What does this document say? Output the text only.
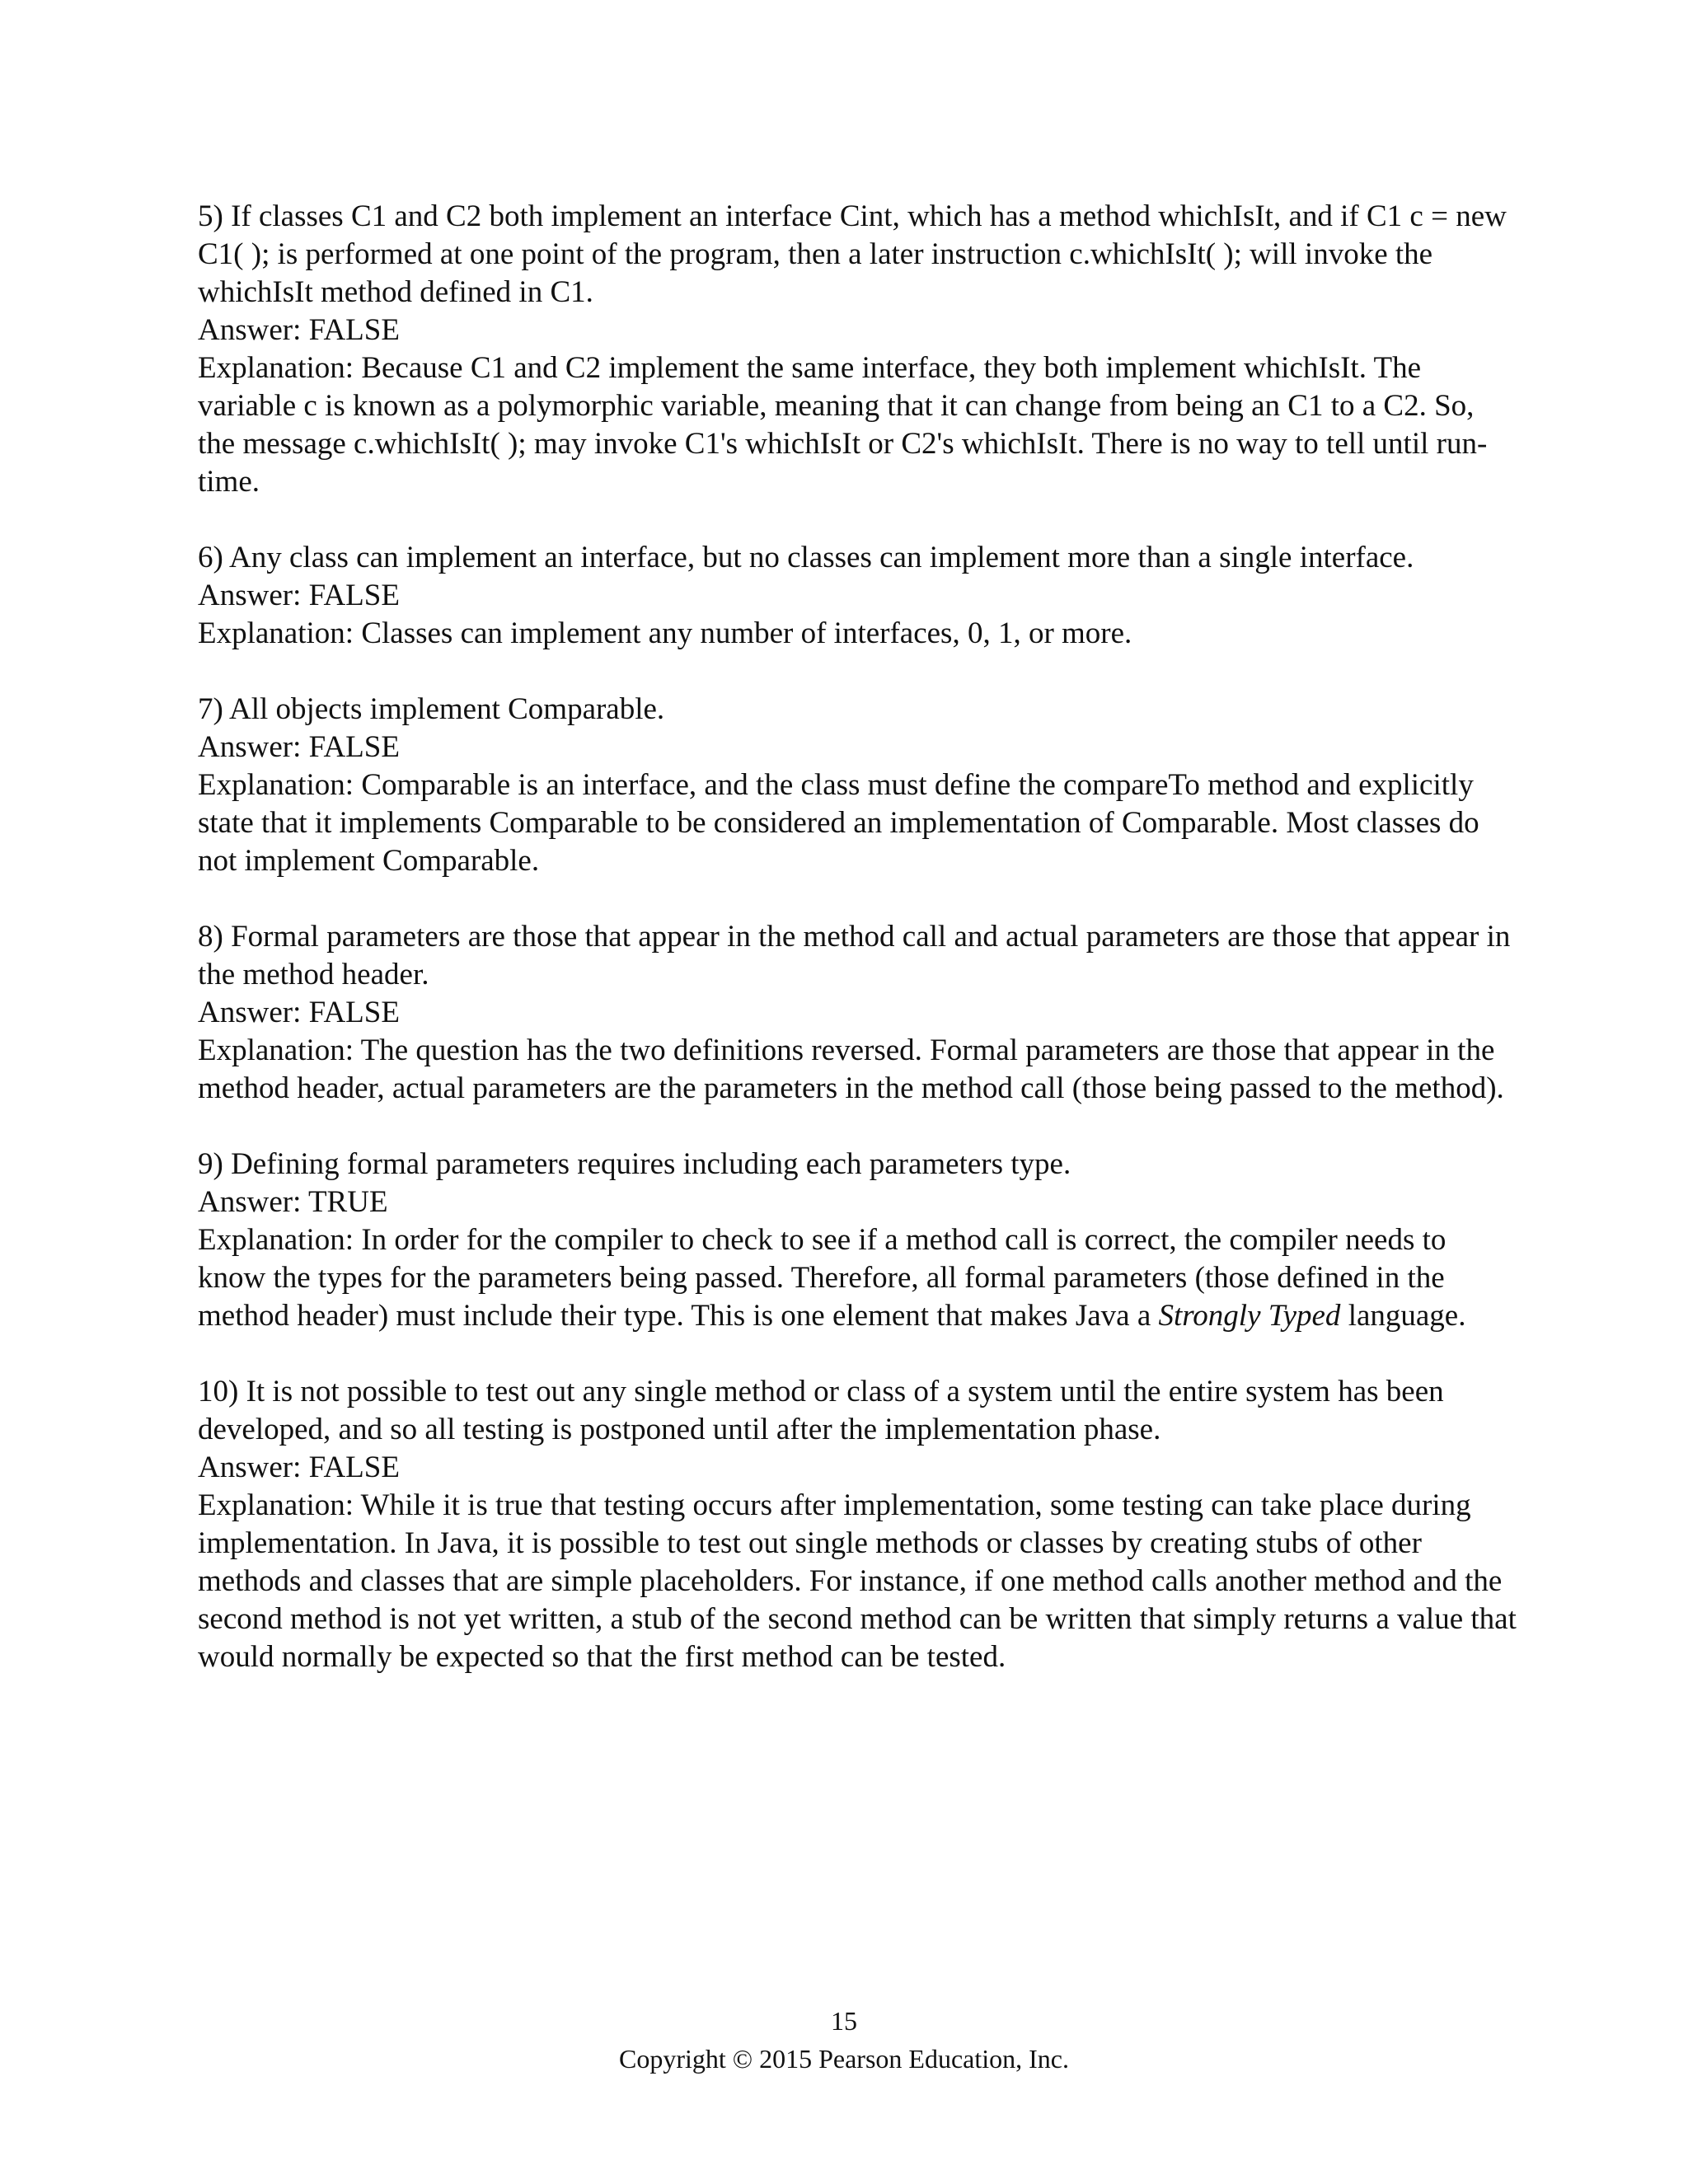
5) If classes C1 and C2 both implement an interface Cint, which has a method whichIsIt, and if C1 c = new C1( ); is performed at one point of the program, then a later instruction c.whichIsIt( ); will invoke the whichIsIt method defined in C1.

Answer: FALSE

Explanation: Because C1 and C2 implement the same interface, they both implement whichIsIt. The variable c is known as a polymorphic variable, meaning that it can change from being an C1 to a C2. So, the message c.whichIsIt( ); may invoke C1's whichIsIt or C2's whichIsIt. There is no way to tell until run-time.

6) Any class can implement an interface, but no classes can implement more than a single interface.

Answer: FALSE

Explanation: Classes can implement any number of interfaces, 0, 1, or more.

7) All objects implement Comparable.

Answer: FALSE

Explanation: Comparable is an interface, and the class must define the compareTo method and explicitly state that it implements Comparable to be considered an implementation of Comparable. Most classes do not implement Comparable.

8) Formal parameters are those that appear in the method call and actual parameters are those that appear in the method header.

Answer: FALSE

Explanation: The question has the two definitions reversed. Formal parameters are those that appear in the method header, actual parameters are the parameters in the method call (those being passed to the method).

9) Defining formal parameters requires including each parameters type.

Answer: TRUE

Explanation: In order for the compiler to check to see if a method call is correct, the compiler needs to know the types for the parameters being passed. Therefore, all formal parameters (those defined in the method header) must include their type. This is one element that makes Java a Strongly Typed language.

10) It is not possible to test out any single method or class of a system until the entire system has been developed, and so all testing is postponed until after the implementation phase.

Answer: FALSE

Explanation: While it is true that testing occurs after implementation, some testing can take place during implementation. In Java, it is possible to test out single methods or classes by creating stubs of other methods and classes that are simple placeholders. For instance, if one method calls another method and the second method is not yet written, a stub of the second method can be written that simply returns a value that would normally be expected so that the first method can be tested.

15
Copyright © 2015 Pearson Education, Inc.
